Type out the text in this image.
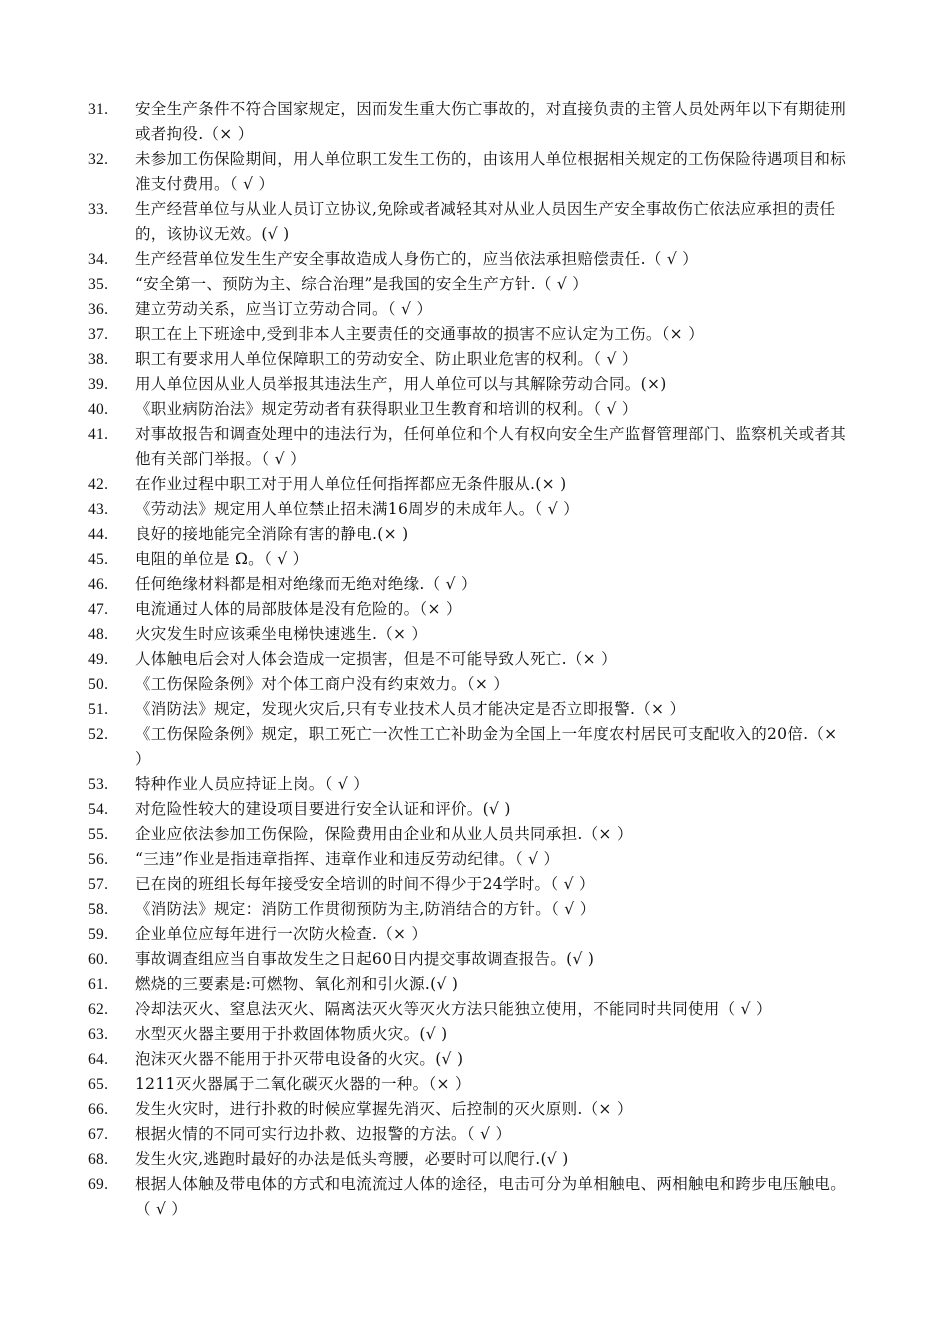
31.	安全生产条件不符合国家规定，因而发生重大伤亡事故的，对直接负责的主管人员处两年以下有期徒刑或者拘役.（× ）
32.	未参加工伤保险期间，用人单位职工发生工伤的，由该用人单位根据相关规定的工伤保险待遇项目和标准支付费用。（ √ ）
33.	生产经营单位与从业人员订立协议,免除或者减轻其对从业人员因生产安全事故伤亡依法应承担的责任的，该协议无效。(√ )
34.	生产经营单位发生生产安全事故造成人身伤亡的，应当依法承担赔偿责任.（ √ ）
35.	“安全第一、预防为主、综合治理”是我国的安全生产方针.（ √ ）
36.	建立劳动关系，应当订立劳动合同。（ √ ）
37.	职工在上下班途中,受到非本人主要责任的交通事故的损害不应认定为工伤。（× ）
38.	职工有要求用人单位保障职工的劳动安全、防止职业危害的权利。（ √ ）
39.	用人单位因从业人员举报其违法生产，用人单位可以与其解除劳动合同。(×)
40.	《职业病防治法》规定劳动者有获得职业卫生教育和培训的权利。（ √ ）
41.	对事故报告和调查处理中的违法行为，任何单位和个人有权向安全生产监督管理部门、监察机关或者其他有关部门举报。（ √ ）
42.	在作业过程中职工对于用人单位任何指挥都应无条件服从.(× )
43.	《劳动法》规定用人单位禁止招未满16周岁的未成年人。（ √ ）
44.	良好的接地能完全消除有害的静电.(× )
45.	电阻的单位是 Ω。（ √ ）
46.	任何绝缘材料都是相对绝缘而无绝对绝缘.（ √ ）
47.	电流通过人体的局部肢体是没有危险的。（× ）
48.	火灾发生时应该乘坐电梯快速逃生.（× ）
49.	人体触电后会对人体会造成一定损害，但是不可能导致人死亡.（× ）
50.	《工伤保险条例》对个体工商户没有约束效力。（× ）
51.	《消防法》规定，发现火灾后,只有专业技术人员才能决定是否立即报警.（× ）
52.	《工伤保险条例》规定，职工死亡一次性工亡补助金为全国上一年度农村居民可支配收入的20倍.（× ）
53.	特种作业人员应持证上岗。（ √ ）
54.	对危险性较大的建设项目要进行安全认证和评价。(√ )
55.	企业应依法参加工伤保险，保险费用由企业和从业人员共同承担.（× ）
56.	“三违”作业是指违章指挥、违章作业和违反劳动纪律。（ √ ）
57.	已在岗的班组长每年接受安全培训的时间不得少于24学时。（ √ ）
58.	《消防法》规定：消防工作贯彻预防为主,防消结合的方针。（ √ ）
59.	企业单位应每年进行一次防火检查.（× ）
60.	事故调查组应当自事故发生之日起60日内提交事故调查报告。(√ )
61.	燃烧的三要素是:可燃物、氧化剂和引火源.(√ )
62.	冷却法灭火、窒息法灭火、隔离法灭火等灭火方法只能独立使用，不能同时共同使用（ √ ）
63.	水型灭火器主要用于扑救固体物质火灾。(√ )
64.	泡沫灭火器不能用于扑灭带电设备的火灾。(√ )
65.	1211灭火器属于二氧化碳灭火器的一种。（× ）
66.	发生火灾时，进行扑救的时候应掌握先消灭、后控制的灭火原则.（× ）
67.	根据火情的不同可实行边扑救、边报警的方法。（ √ ）
68.	发生火灾,逃跑时最好的办法是低头弯腰，必要时可以爬行.(√ )
69.	根据人体触及带电体的方式和电流流过人体的途径，电击可分为单相触电、两相触电和跨步电压触电。（ √ ）
